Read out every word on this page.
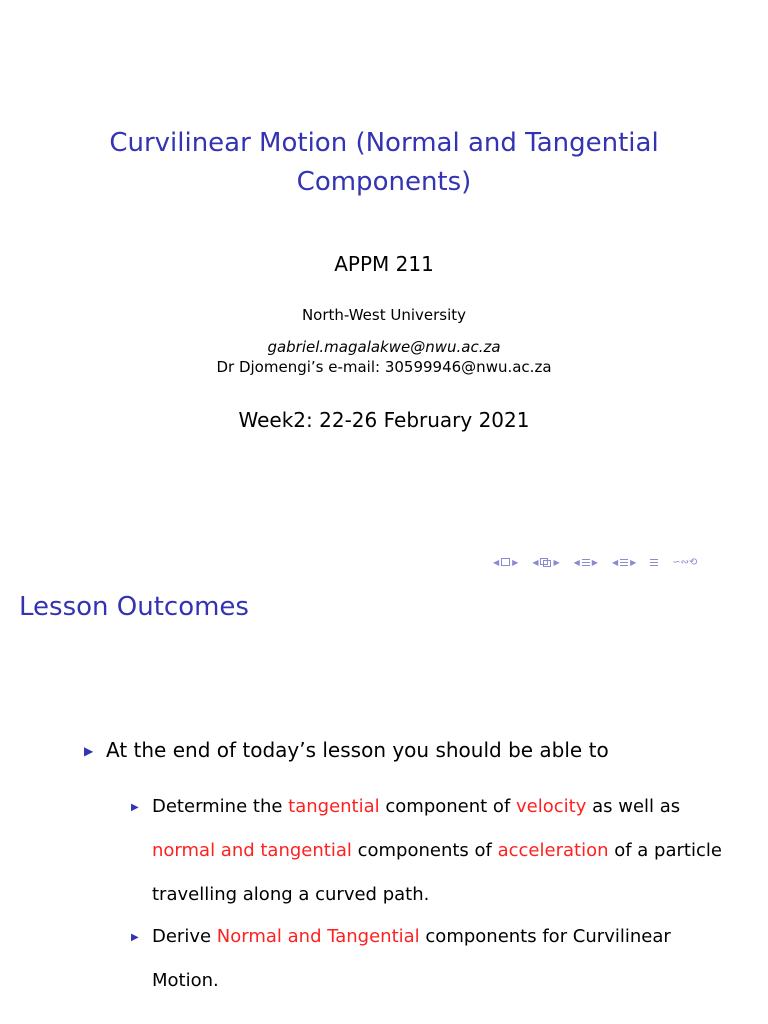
Curvilinear Motion (Normal and Tangential
Components)
APPM 211
North-West University
gabriel.magalakwe@nwu.ac.za
Dr Djomengi’s e-mail: 30599946@nwu.ac.za
Week2: 22-26 February 2021
◀ ▶ ◀ ▶ ◀ ▶ ◀ ▶	∽∾⟲
Lesson Outcomes
▶ At the end of today’s lesson you should be able to
▶ Determine the tangential component of velocity as well as
normal and tangential components of acceleration of a particle
travelling along a curved path.
▶ Derive Normal and Tangential components for Curvilinear
Motion.
